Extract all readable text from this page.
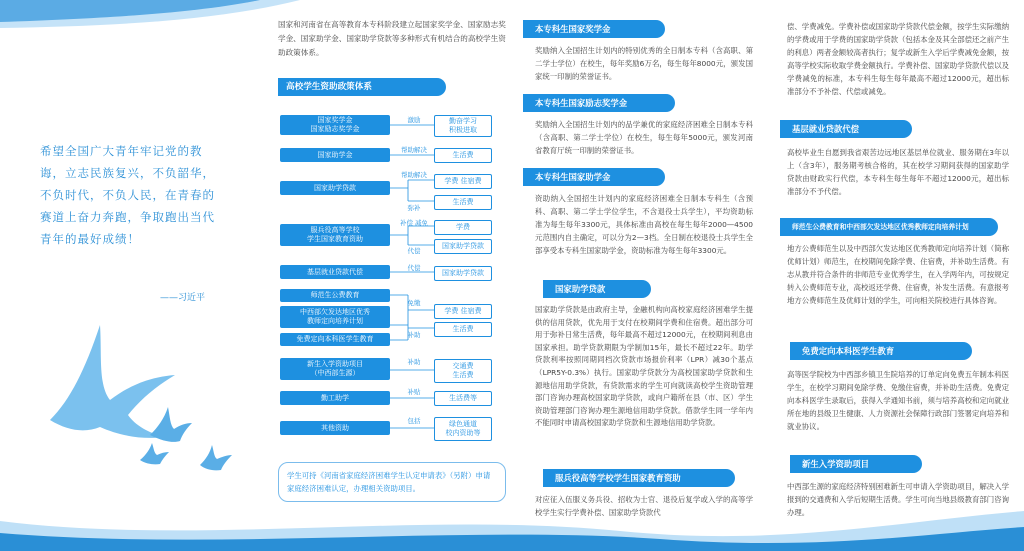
希望全国广大青年牢记党的教诲，立志民族复兴，不负韶华，不负时代，不负人民，在青春的赛道上奋力奔跑，争取跑出当代青年的最好成绩！
——习近平
国家和河南省在高等教育本专科阶段建立起国家奖学金、国家励志奖学金、国家助学金、国家助学贷款等多种形式有机结合的高校学生资助政策体系。
高校学生资助政策体系
国家奖学金
国家励志奖学金
激励	勤奋学习
积极进取
国家助学金
帮助解决
生活费
国家助学贷款
帮助解决
学费 住宿费
弥补
生活费
服兵役高等学校
学生国家教育资助
补偿 减免	学费
代偿
国家助学贷款
基层就业贷款代偿	代偿
国家助学贷款
师范生公费教育
中西部欠发达地区优秀
教师定向培养计划
免缴
学费 住宿费
补助
生活费
免费定向本科医学生教育
新生入学资助项目
（中西部生源）
补助	交通费
生活费
勤工助学
补贴
生活费等
其他资助
包括	绿色通道
校内资助等
学生可持《河南省家庭经济困难学生认定申请表》（另附）申请家庭经济困难认定，办理相关资助项目。
本专科生国家奖学金
奖励纳入全国招生计划内的特别优秀的全日制本专科（含高职、第二学士学位）在校生，每年奖励6万名，每生每年8000元，颁发国家统一印制的荣誉证书。
本专科生国家励志奖学金
奖励纳入全国招生计划内的品学兼优的家庭经济困难全日制本专科（含高职、第二学士学位）在校生，每生每年5000元，颁发河南省教育厅统一印制的荣誉证书。
本专科生国家助学金
资助纳入全国招生计划内的家庭经济困难全日制本专科生（含预科、高职、第二学士学位学生，不含退役士兵学生），平均资助标准为每生每年3300元，具体标准由高校在每生每年2000—4500元范围内自主确定，可以分为2—3档。全日制在校退役士兵学生全部享受本专科生国家助学金，资助标准为每生每年3300元。
国家助学贷款
国家助学贷款是由政府主导，金融机构向高校家庭经济困难学生提供的信用贷款，优先用于支付在校期间学费和住宿费。超出部分可用于弥补日常生活费，每年最高不超过12000元，在校期间利息由国家承担。助学贷款期限为学制加15年，最长不超过22年。助学贷款利率按照同期同档次贷款市场报价利率（LPR）减30个基点（LPR5Y-0.3%）执行。国家助学贷款分为高校国家助学贷款和生源地信用助学贷款，有贷款需求的学生可向就读高校学生资助管理部门咨询办理高校国家助学贷款，或向户籍所在县（市、区）学生资助管理部门咨询办理生源地信用助学贷款。借款学生同一学年内不能同时申请高校国家助学贷款和生源地信用助学贷款。
服兵役高等学校学生国家教育资助
对应征入伍服义务兵役、招收为士官、退役后复学或入学的高等学校学生实行学费补偿、国家助学贷款代
偿、学费减免。学费补偿或国家助学贷款代偿金额，按学生实际缴纳的学费或用于学费的国家助学贷款（包括本金及其全部偿还之前产生的利息）两者金额较高者执行；复学或新生入学后学费减免金额，按高等学校实际收取学费金额执行。学费补偿、国家助学贷款代偿以及学费减免的标准，本专科生每生每年最高不超过12000元，超出标准部分不予补偿、代偿或减免。
基层就业贷款代偿
高校毕业生自愿到我省艰苦边远地区基层单位就业、服务期在3年以上（含3年），服务期考核合格的，其在校学习期间获得的国家助学贷款由财政实行代偿，本专科生每生每年不超过12000元，超出标准部分不予代偿。
师范生公费教育和中西部欠发达地区优秀教师定向培养计划
地方公费师范生以及中西部欠发达地区优秀教师定向培养计划（简称优师计划）师范生，在校期间免除学费、住宿费，并补助生活费。有志从教并符合条件的非师范专业优秀学生，在入学两年内，可按规定转入公费师范专业，高校返还学费、住宿费，补发生活费。有意报考地方公费师范生及优师计划的学生，可向相关院校进行具体咨询。
免费定向本科医学生教育
高等医学院校为中西部乡镇卫生院培养的订单定向免费五年制本科医学生，在校学习期间免除学费、免缴住宿费，并补助生活费。免费定向本科医学生录取后，获得入学通知书前，须与培养高校和定向就业所在地的县级卫生健康、人力资源社会保障行政部门签署定向培养和就业协议。
新生入学资助项目
中西部生源的家庭经济特别困难新生可申请入学资助项目，解决入学报到的交通费和入学后短期生活费。学生可向当地县级教育部门咨询办理。
